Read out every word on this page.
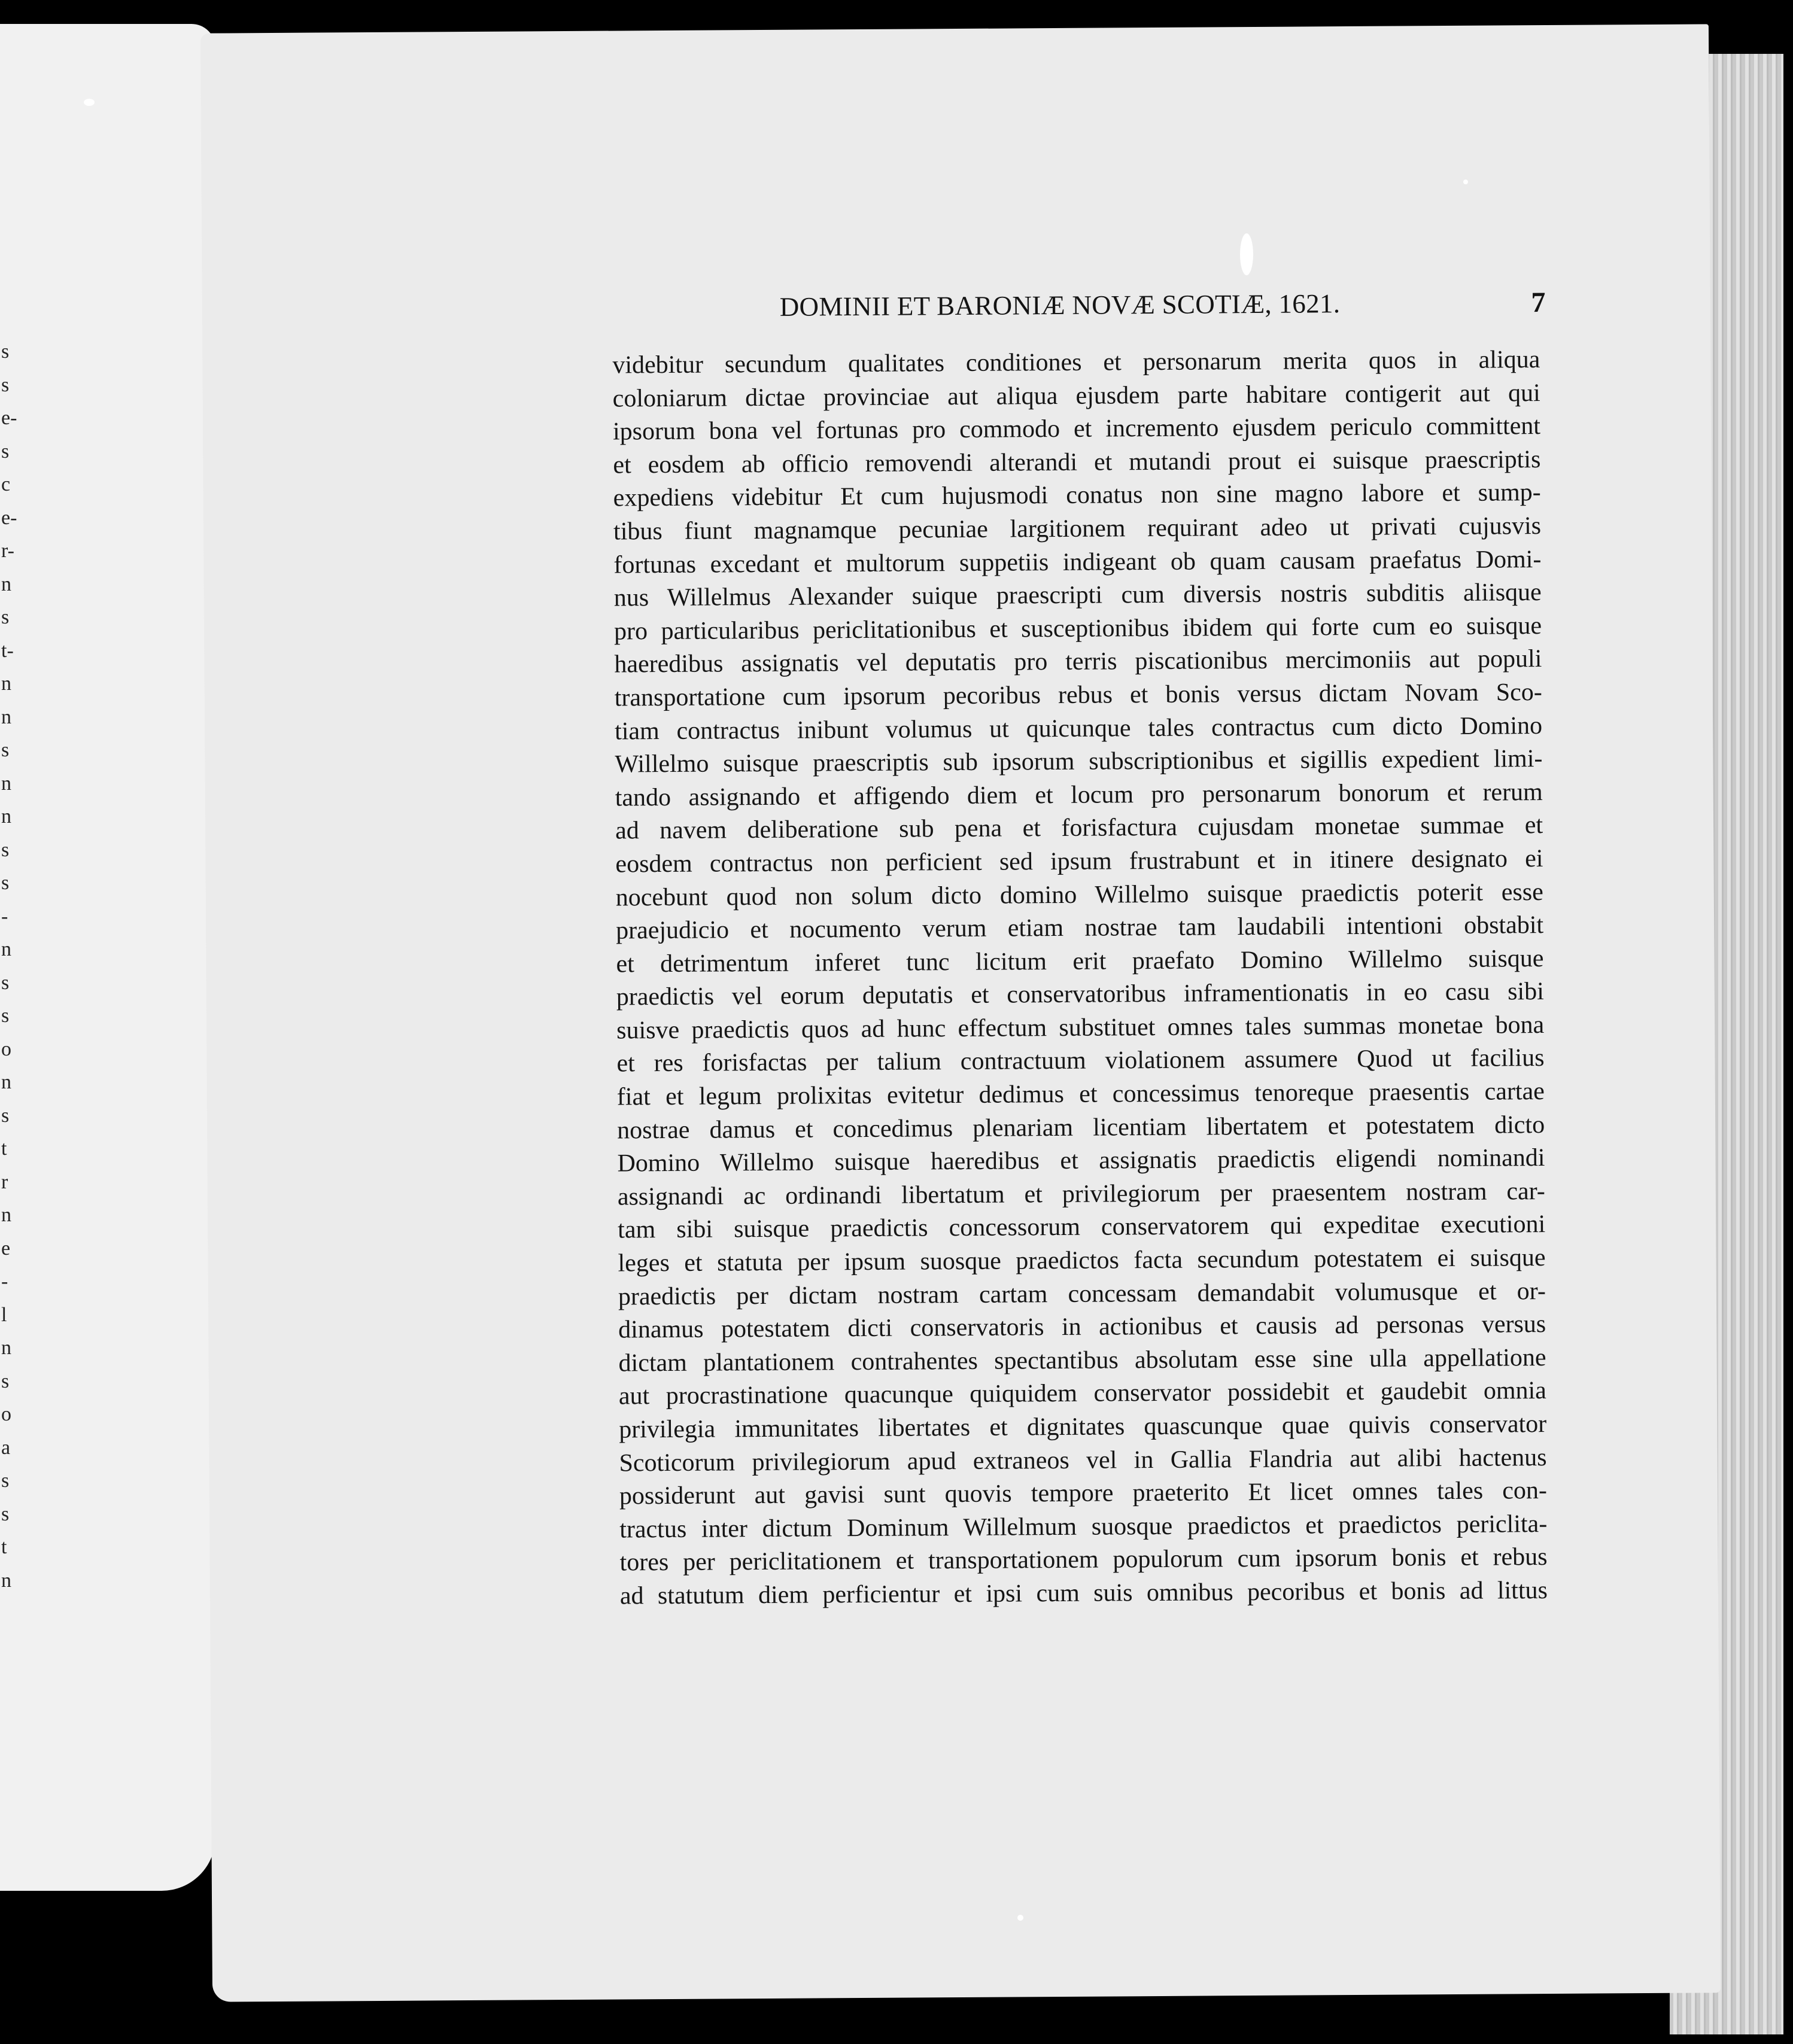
s
s
e-
s
c
e-
r-
n
s
t-
n
n
s
n
n
s
s
-
n
s
s
o
n
s
t
r
n
e
-
l
n
s
o
a
s
s
t
n
DOMINII ET BARONIÆ NOVÆ SCOTIÆ, 1621.	7
videbitur secundum qualitates conditiones et personarum merita quos in aliqua
coloniarum dictae provinciae aut aliqua ejusdem parte habitare contigerit aut qui
ipsorum bona vel fortunas pro commodo et incremento ejusdem periculo committent
et eosdem ab officio removendi alterandi et mutandi prout ei suisque praescriptis
expediens videbitur Et cum hujusmodi conatus non sine magno labore et sump-
tibus fiunt magnamque pecuniae largitionem requirant adeo ut privati cujusvis
fortunas excedant et multorum suppetiis indigeant ob quam causam praefatus Domi-
nus Willelmus Alexander suique praescripti cum diversis nostris subditis aliisque
pro particularibus periclitationibus et susceptionibus ibidem qui forte cum eo suisque
haeredibus assignatis vel deputatis pro terris piscationibus mercimoniis aut populi
transportatione cum ipsorum pecoribus rebus et bonis versus dictam Novam Sco-
tiam contractus inibunt volumus ut quicunque tales contractus cum dicto Domino
Willelmo suisque praescriptis sub ipsorum subscriptionibus et sigillis expedient limi-
tando assignando et affigendo diem et locum pro personarum bonorum et rerum
ad navem deliberatione sub pena et forisfactura cujusdam monetae summae et
eosdem contractus non perficient sed ipsum frustrabunt et in itinere designato ei
nocebunt quod non solum dicto domino Willelmo suisque praedictis poterit esse
praejudicio et nocumento verum etiam nostrae tam laudabili intentioni obstabit
et detrimentum inferet tunc licitum erit praefato Domino Willelmo suisque
praedictis vel eorum deputatis et conservatoribus inframentionatis in eo casu sibi
suisve praedictis quos ad hunc effectum substituet omnes tales summas monetae bona
et res forisfactas per talium contractuum violationem assumere Quod ut facilius
fiat et legum prolixitas evitetur dedimus et concessimus tenoreque praesentis cartae
nostrae damus et concedimus plenariam licentiam libertatem et potestatem dicto
Domino Willelmo suisque haeredibus et assignatis praedictis eligendi nominandi
assignandi ac ordinandi libertatum et privilegiorum per praesentem nostram car-
tam sibi suisque praedictis concessorum conservatorem qui expeditae executioni
leges et statuta per ipsum suosque praedictos facta secundum potestatem ei suisque
praedictis per dictam nostram cartam concessam demandabit volumusque et or-
dinamus potestatem dicti conservatoris in actionibus et causis ad personas versus
dictam plantationem contrahentes spectantibus absolutam esse sine ulla appellatione
aut procrastinatione quacunque quiquidem conservator possidebit et gaudebit omnia
privilegia immunitates libertates et dignitates quascunque quae quivis conservator
Scoticorum privilegiorum apud extraneos vel in Gallia Flandria aut alibi hactenus
possiderunt aut gavisi sunt quovis tempore praeterito Et licet omnes tales con-
tractus inter dictum Dominum Willelmum suosque praedictos et praedictos periclita-
tores per periclitationem et transportationem populorum cum ipsorum bonis et rebus
ad statutum diem perficientur et ipsi cum suis omnibus pecoribus et bonis ad littus
